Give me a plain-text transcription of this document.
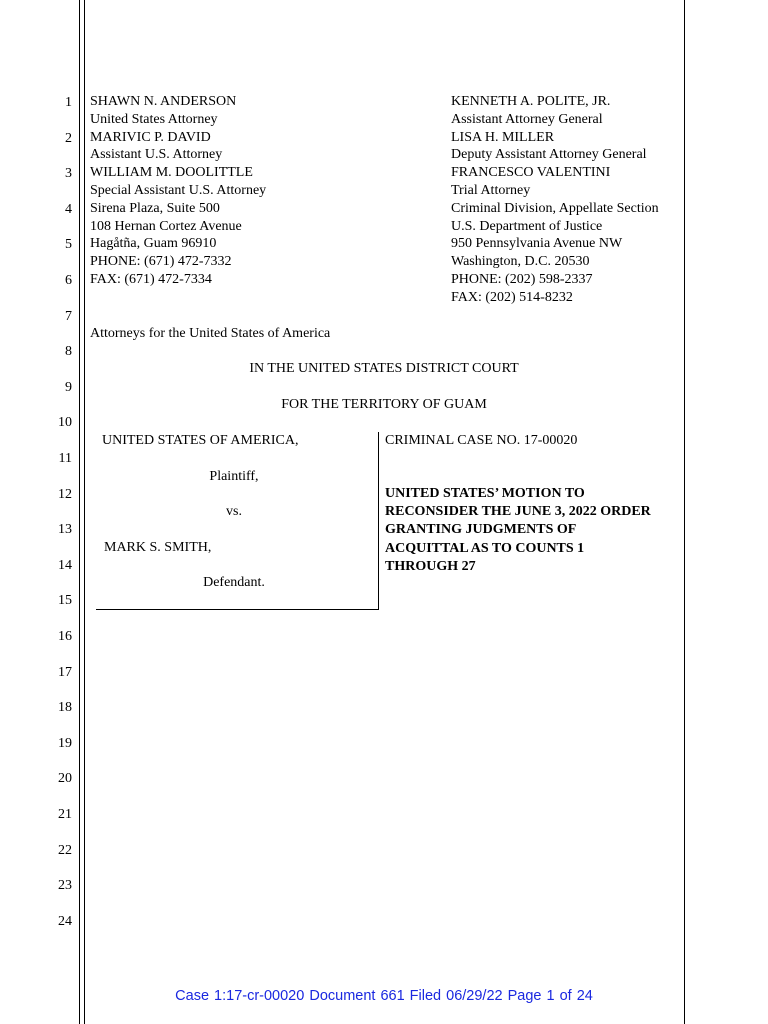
1
2
3
4
5
6
7
8
9
10
11
12
13
14
15
16
17
18
19
20
21
22
23
24
SHAWN N. ANDERSON
United States Attorney
MARIVIC P. DAVID
Assistant U.S. Attorney
WILLIAM M. DOOLITTLE
Special Assistant U.S. Attorney
Sirena Plaza, Suite 500
108 Hernan Cortez Avenue
Hagåtña, Guam 96910
PHONE: (671) 472-7332
FAX: (671) 472-7334
KENNETH A. POLITE, JR.
Assistant Attorney General
LISA H. MILLER
Deputy Assistant Attorney General
FRANCESCO VALENTINI
Trial Attorney
Criminal Division, Appellate Section
U.S. Department of Justice
950 Pennsylvania Avenue NW
Washington, D.C. 20530
PHONE: (202) 598-2337
FAX: (202) 514-8232
Attorneys for the United States of America
IN THE UNITED STATES DISTRICT COURT
FOR THE TERRITORY OF GUAM
UNITED STATES OF AMERICA,
Plaintiff,
vs.
MARK S. SMITH,
Defendant.
CRIMINAL CASE NO. 17-00020
UNITED STATES’ MOTION TO
RECONSIDER THE JUNE 3, 2022 ORDER
GRANTING JUDGMENTS OF
ACQUITTAL AS TO COUNTS 1
THROUGH 27
Case 1:17-cr-00020 Document 661 Filed 06/29/22 Page 1 of 24
